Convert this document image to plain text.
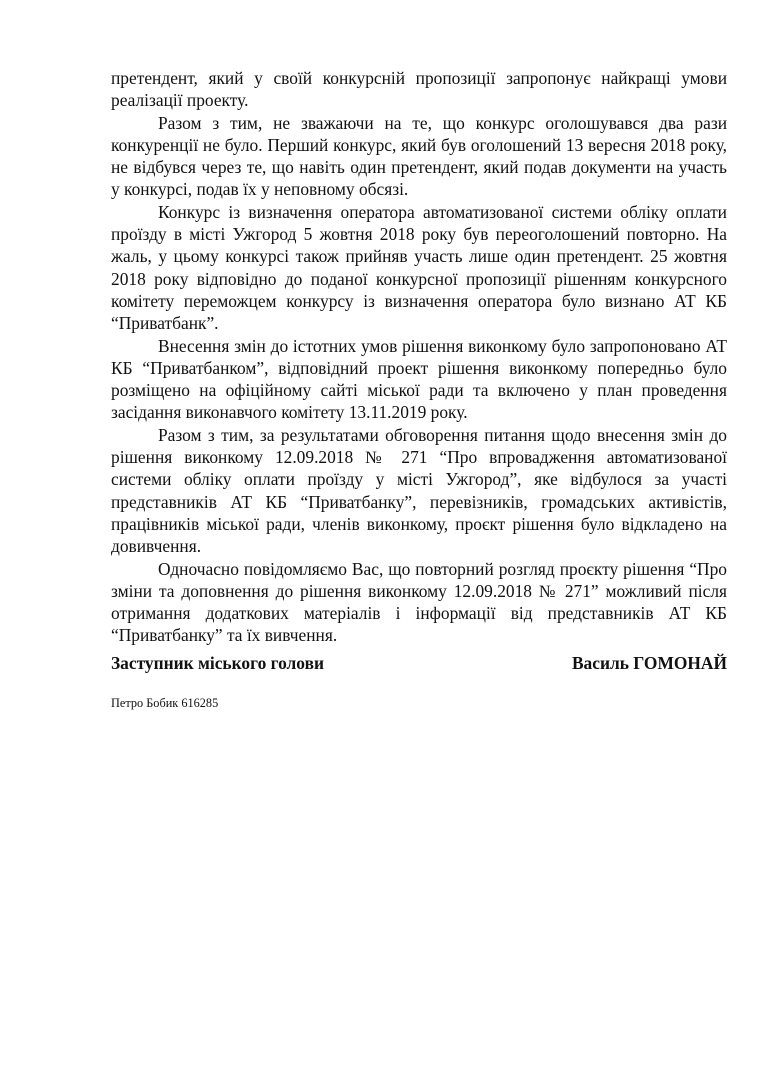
претендент, який у своїй конкурсній пропозиції запропонує найкращі умови реалізації проекту.

Разом з тим, не зважаючи на те, що конкурс оголошувався два рази конкуренції не було. Перший конкурс, який був оголошений 13 вересня 2018 року, не відбувся через те, що навіть один претендент, який подав документи на участь у конкурсі, подав їх у неповному обсязі.

Конкурс із визначення оператора автоматизованої системи обліку оплати проїзду в місті Ужгород 5 жовтня 2018 року був переоголошений повторно. На жаль, у цьому конкурсі також прийняв участь лише один претендент. 25 жовтня 2018 року відповідно до поданої конкурсної пропозиції рішенням конкурсного комітету переможцем конкурсу із визначення оператора було визнано АТ КБ “Приватбанк”.

Внесення змін до істотних умов рішення виконкому було запропоновано АТ КБ “Приватбанком”, відповідний проект рішення виконкому попередньо було розміщено на офіційному сайті міської ради та включено у план проведення засідання виконавчого комітету 13.11.2019 року.

Разом з тим, за результатами обговорення питання щодо внесення змін до рішення виконкому 12.09.2018 № 271 “Про впровадження автоматизованої системи обліку оплати проїзду у місті Ужгород”, яке відбулося за участі представників АТ КБ “Приватбанку”, перевізників, громадських активістів, працівників міської ради, членів виконкому, проєкт рішення було відкладено на довивчення.

Одночасно повідомляємо Вас, що повторний розгляд проєкту рішення “Про зміни та доповнення до рішення виконкому 12.09.2018 № 271” можливий після отримання додаткових матеріалів і інформації від представників АТ КБ “Приватбанку” та їх вивчення.

Заступник міського голови	Василь ГОМОНАЙ
Петро Бобик 616285
